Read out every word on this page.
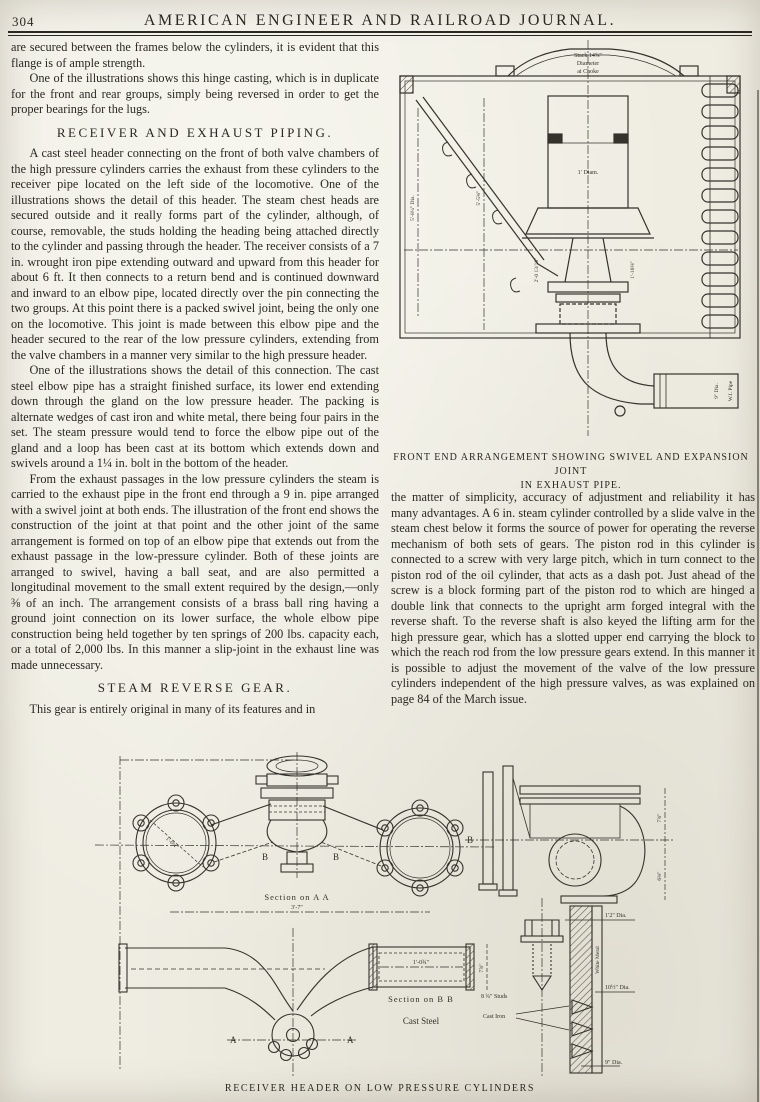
304	AMERICAN ENGINEER AND RAILROAD JOURNAL.

are secured between the frames below the cylinders, it is evident that this flange is of ample strength.

One of the illustrations shows this hinge casting, which is in duplicate for the front and rear groups, simply being reversed in order to get the proper bearings for the lugs.

RECEIVER AND EXHAUST PIPING.

A cast steel header connecting on the front of both valve chambers of the high pressure cylinders carries the exhaust from these cylinders to the receiver pipe located on the left side of the locomotive. One of the illustrations shows the detail of this header. The steam chest heads are secured outside and it really forms part of the cylinder, although, of course, removable, the studs holding the heading being attached directly to the cylinder and passing through the header. The receiver consists of a 7 in. wrought iron pipe extending outward and upward from this header for about 6 ft. It then connects to a return bend and is continued downward and inward to an elbow pipe, located directly over the pin connecting the two groups. At this point there is a packed swivel joint, being the only one on the locomotive. This joint is made between this elbow pipe and the header secured to the rear of the low pressure cylinders, extending from the valve chambers in a manner very similar to the high pressure header.

One of the illustrations shows the detail of this connection. The cast steel elbow pipe has a straight finished surface, its lower end extending down through the gland on the low pressure header. The packing is alternate wedges of cast iron and white metal, there being four pairs in the set. The steam pressure would tend to force the elbow pipe out of the gland and a loop has been cast at its bottom which extends down and swivels around a 1¼ in. bolt in the bottom of the header.

From the exhaust passages in the low pressure cylinders the steam is carried to the exhaust pipe in the front end through a 9 in. pipe arranged with a swivel joint at both ends. The illustration of the front end shows the construction of the joint at that point and the other joint of the same arrangement is formed on top of an elbow pipe that extends out from the exhaust passage in the low-pressure cylinder. Both of these joints are arranged to swivel, having a ball seat, and are also permitted a longitudinal movement to the small extent required by the design,—only ⅜ of an inch. The arrangement consists of a brass ball ring having a ground joint connection on its lower surface, the whole elbow pipe construction being held together by ten springs of 200 lbs. capacity each, or a total of 2,000 lbs. In this manner a slip-joint in the exhaust line was made unnecessary.

STEAM REVERSE GEAR.

This gear is entirely original in many of its features and in

Stack 14⅝″
Diameter
at Choke
1′ Diam.
11″
5′-8¼″ Dia.	5′-5⅝″
2′-0 13/16″	1′-10⅝″
W.I. Pipe
9″ Dia.
FRONT END ARRANGEMENT SHOWING SWIVEL AND EXPANSION JOINT
IN EXHAUST PIPE.

the matter of simplicity, accuracy of adjustment and reliability it has many advantages. A 6 in. steam cylinder controlled by a slide valve in the steam chest below it forms the source of power for operating the reverse mechanism of both sets of gears. The piston rod in this cylinder is connected to a screw with very large pitch, which in turn connect to the piston rod of the oil cylinder, that acts as a dash pot. Just ahead of the screw is a block forming part of the piston rod to which are hinged a double link that connects to the upright arm forged integral with the reverse shaft. To the reverse shaft is also keyed the lifting arm for the high pressure gear, which has a slotted upper end carrying the block to which the reach rod from the low pressure gears extend. In this manner it is possible to adjust the movement of the valve of the low pressure cylinders independent of the high pressure valves, as was explained on page 84 of the March issue.

B	B
Section on A A
3′-7″
1′-0¼″	B
7⅞″
6⅝″
A	A
1′-0¾″
Section on B B
Cast Steel
1′2″ Dia.
White Metal
10½″ Dia.
8 ¾″ Studs
Cast Iron
9″ Dia.
7⅞″
RECEIVER HEADER ON LOW PRESSURE CYLINDERS
